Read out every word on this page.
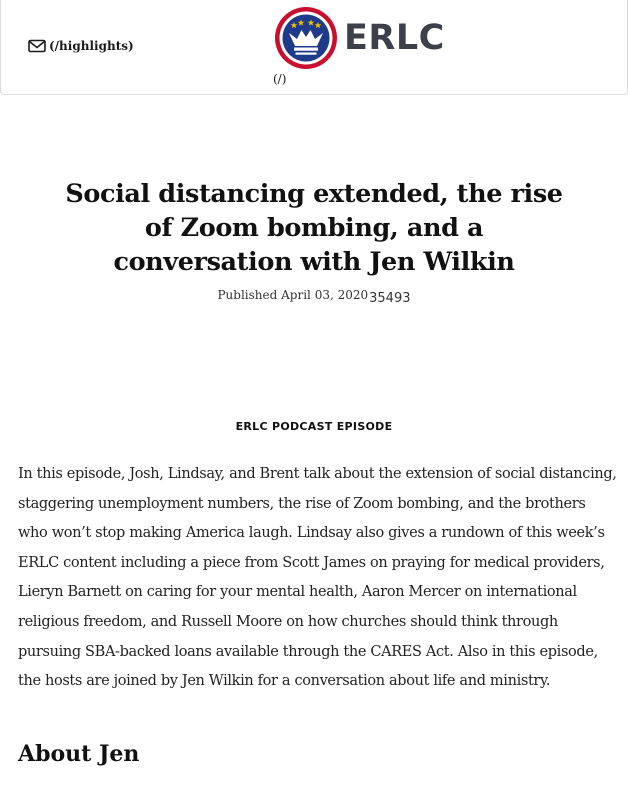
(/highlights)	ERLC
(/)
Social distancing extended, the rise of Zoom bombing, and a conversation with Jen Wilkin
Published April 03, 202035493
ERLC PODCAST EPISODE

In this episode, Josh, Lindsay, and Brent talk about the extension of social distancing, staggering unemployment numbers, the rise of Zoom bombing, and the brothers who won’t stop making America laugh. Lindsay also gives a rundown of this week’s ERLC content including a piece from Scott James on praying for medical providers, Lieryn Barnett on caring for your mental health, Aaron Mercer on international religious freedom, and Russell Moore on how churches should think through pursuing SBA-backed loans available through the CARES Act. Also in this episode, the hosts are joined by Jen Wilkin for a conversation about life and ministry.

About Jen
